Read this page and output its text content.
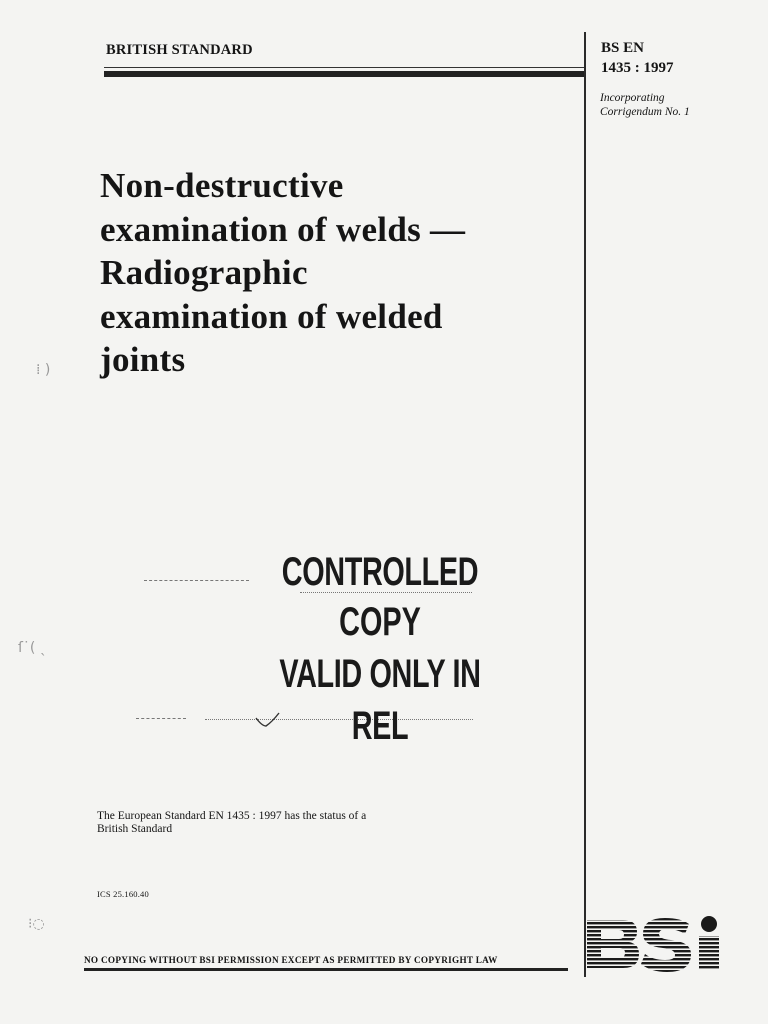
BRITISH STANDARD	BS EN
1435 : 1997
Incorporating
Corrigendum No. 1
Non-destructive
examination of welds —
Radiographic
examination of welded
joints
CONTROLLED
COPY
VALID ONLY IN REL
⁞ )
ſ˙( ˎ
⁝◌
The European Standard EN 1435 : 1997 has the status of a
British Standard
ICS 25.160.40
NO COPYING WITHOUT BSI PERMISSION EXCEPT AS PERMITTED BY COPYRIGHT LAW
